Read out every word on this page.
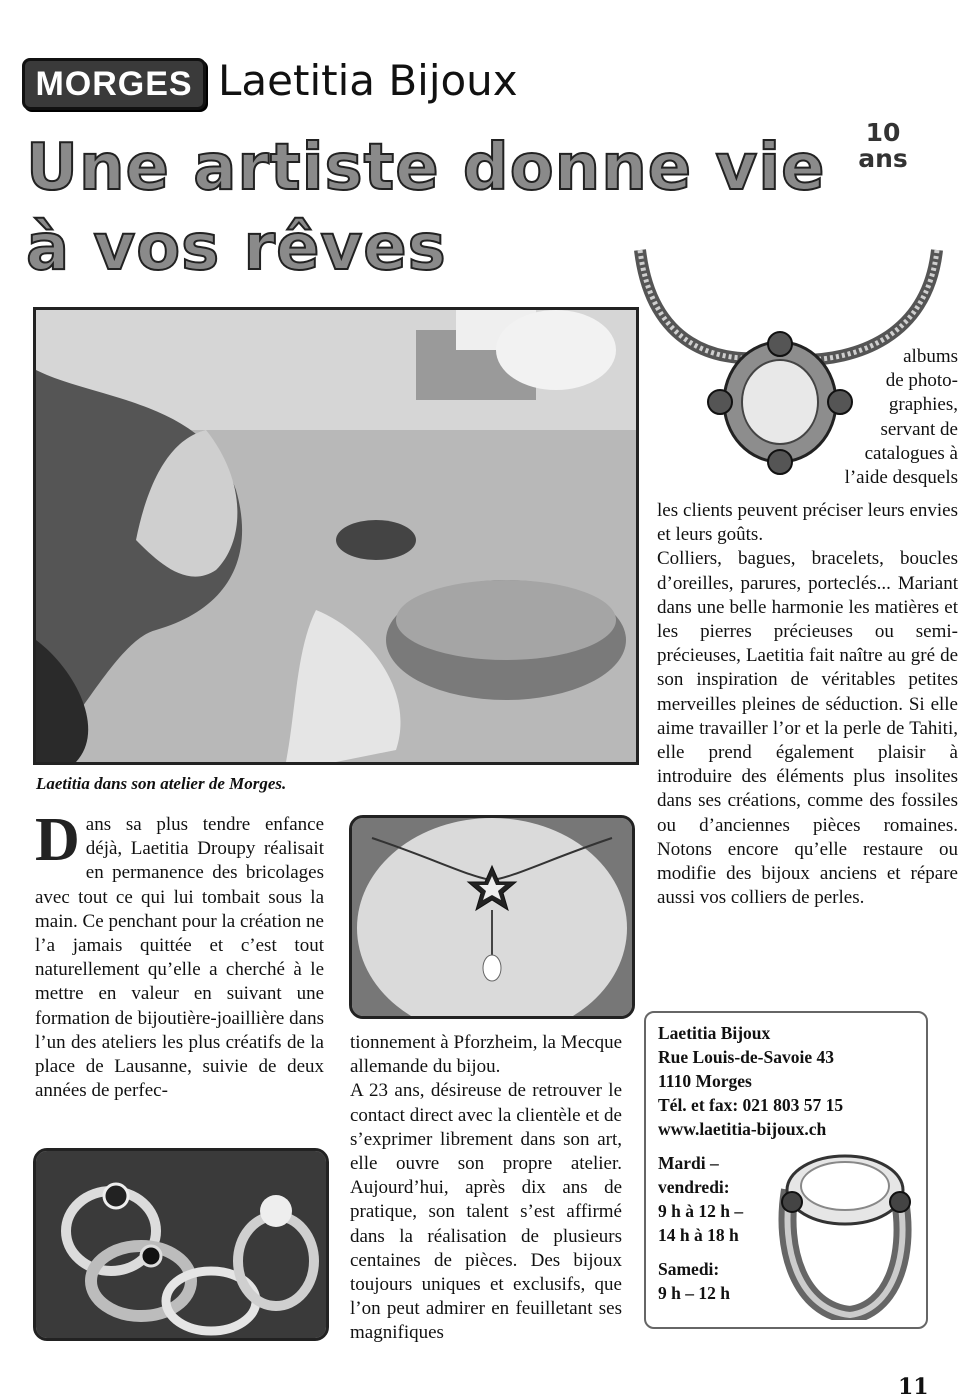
MORGES Laetitia Bijoux
Une artiste donne vie
à vos rêves
10
ans
Laetitia dans son atelier de Morges.

Dans sa plus tendre enfance déjà, Laetitia Droupy réalisait en permanence des bricolages avec tout ce qui lui tombait sous la main. Ce penchant pour la création ne l’a jamais quittée et c’est tout naturellement qu’elle a cherché à le mettre en valeur en suivant une formation de bijoutière-joaillière dans l’un des ateliers les plus créatifs de la place de Lausanne, suivie de deux années de perfec-

tionnement à Pforzheim, la Mecque allemande du bijou.

A 23 ans, désireuse de retrouver le contact direct avec la clientèle et de s’exprimer librement dans son art, elle ouvre son propre atelier. Aujourd’hui, après dix ans de pratique, son talent s’est affirmé dans la réalisation de plusieurs centaines de pièces. Des bijoux toujours uniques et exclusifs, que l’on peut admirer en feuilletant ses magnifiques

albums
de photo-
graphies,
servant de
catalogues à
l’aide desquels

les clients peuvent préciser leurs envies et leurs goûts.

Colliers, bagues, bracelets, boucles d’oreilles, parures, porteclés... Mariant dans une belle harmonie les matières et les pierres précieuses ou semi-précieuses, Laetitia fait naître au gré de son inspiration de véritables petites merveilles pleines de séduction. Si elle aime travailler l’or et la perle de Tahiti, elle prend également plaisir à introduire des éléments plus insolites dans ses créations, comme des fossiles ou d’anciennes pièces romaines. Notons encore qu’elle restaure ou modifie des bijoux anciens et répare aussi vos colliers de perles.

Laetitia Bijoux
Rue Louis-de-Savoie 43
1110 Morges
Tél. et fax: 021 803 57 15
www.laetitia-bijoux.ch
Mardi –
vendredi:
9 h à 12 h –
14 h à 18 h
Samedi:
9 h – 12 h
11
